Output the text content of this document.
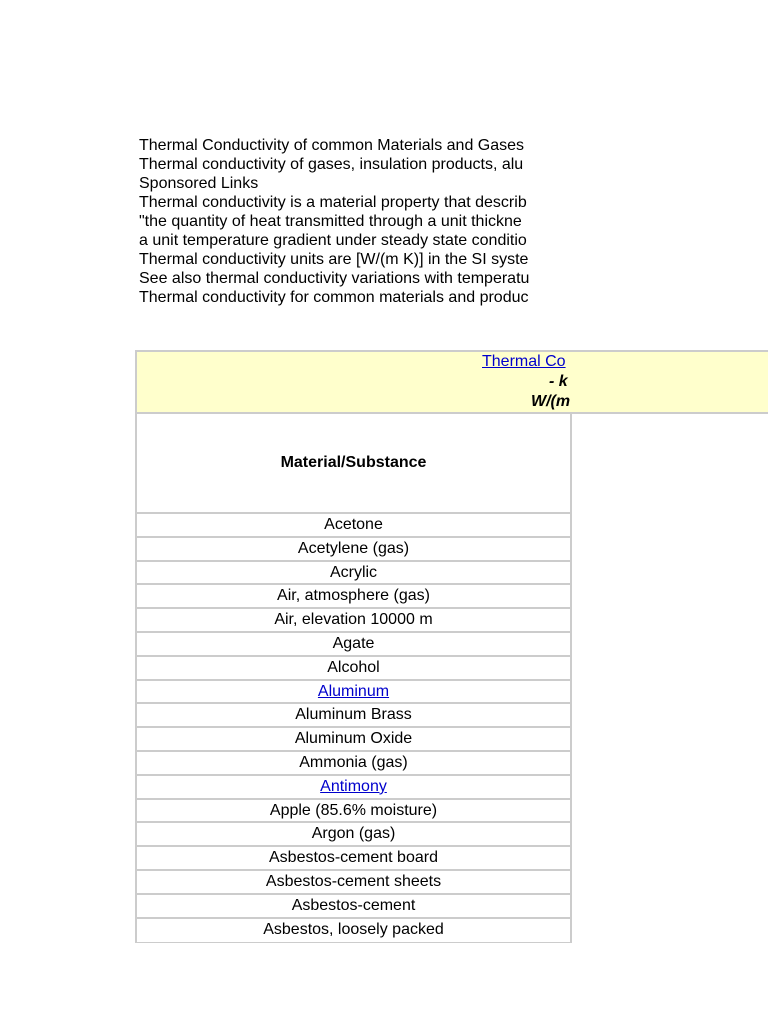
Thermal Conductivity of common Materials and Gases
Thermal conductivity of gases, insulation products, alu
Sponsored Links
Thermal conductivity is a material property that describ
"the quantity of heat transmitted through a unit thickne
a unit temperature gradient under steady state conditio
Thermal conductivity units are [W/(m K)] in the SI syste
See also thermal conductivity variations with temperatu
Thermal conductivity for common materials and produc
Thermal Co
- k
W/(m
Material/Substance
Acetone
Acetylene (gas)
Acrylic
Air, atmosphere (gas)
Air, elevation 10000 m
Agate
Alcohol
Aluminum
Aluminum Brass
Aluminum Oxide
Ammonia (gas)
Antimony
Apple (85.6% moisture)
Argon (gas)
Asbestos-cement board
Asbestos-cement sheets
Asbestos-cement
Asbestos, loosely packed
